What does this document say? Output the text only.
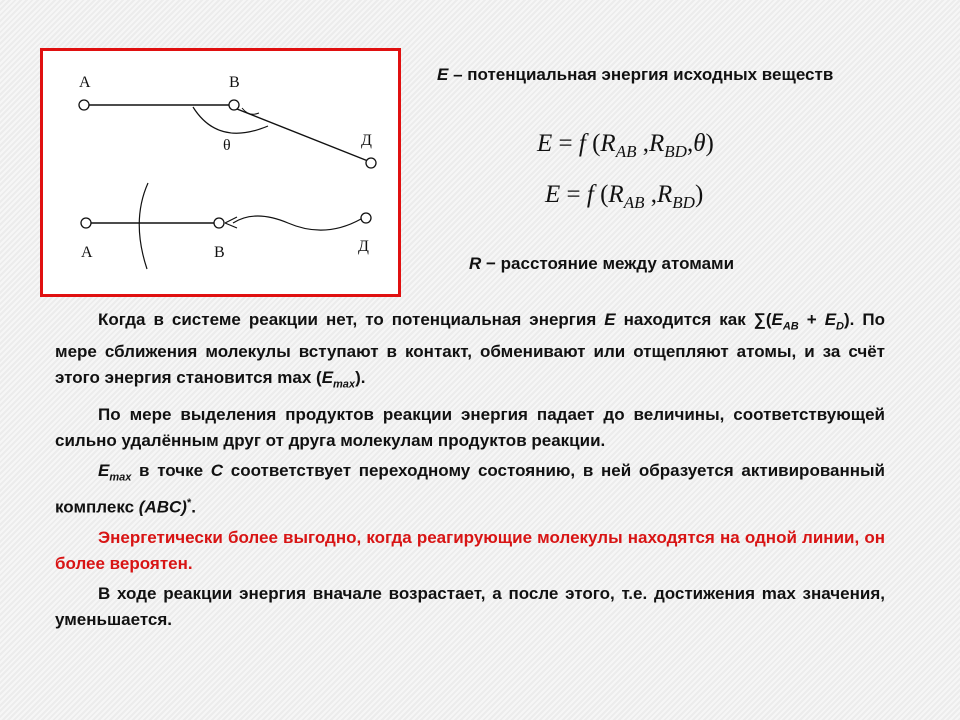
A	B
Д
θ
A	B	Д
E – потенциальная энергия исходных веществ
E = f ($R_{AB}$ $,R_{BD},\theta$)
E = f ($R_{AB}$ $,R_{BD}$)
R − расстояние между атомами

Когда в системе реакции нет, то потенциальная энергия E находится как $\sum(E_{AB} + E_D)$. По мере сближения молекулы вступают в контакт, обменивают или отщепляют атомы, и за счёт этого энергия становится $\max (E_{max})$.

По мере выделения продуктов реакции энергия падает до величины, соответствующей сильно удалённым друг от друга молекулам продуктов реакции.

$E_{max}$ в точке C соответствует переходному состоянию, в ней образуется активированный комплекс (ABC)*.

Энергетически более выгодно, когда реагирующие молекулы находятся на одной линии, он более вероятен.

В ходе реакции энергия вначале возрастает, а после этого, т.е. достижения max значения, уменьшается.
